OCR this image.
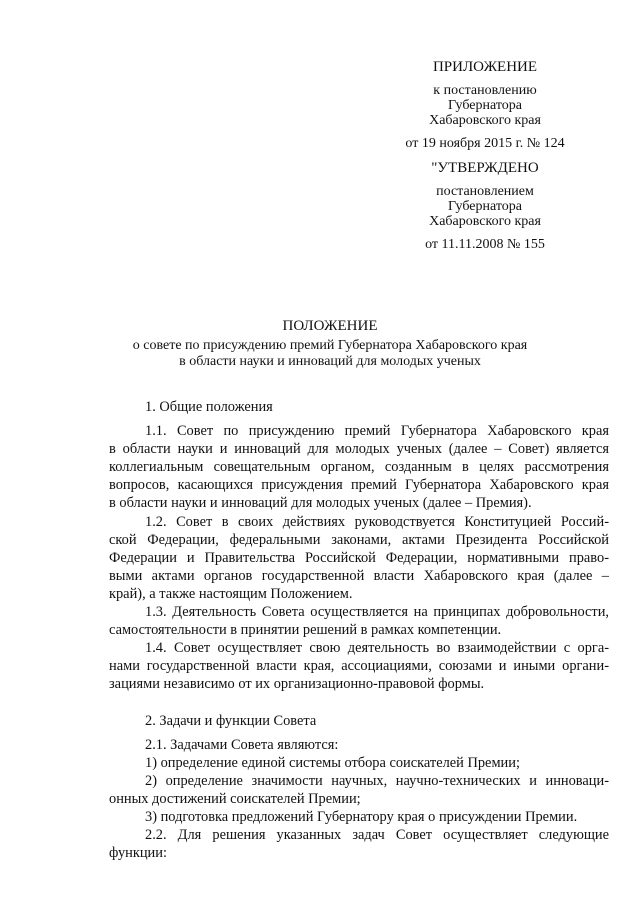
ПРИЛОЖЕНИЕ
к постановлению
Губернатора
Хабаровского края
от 19 ноября 2015 г. № 124
"УТВЕРЖДЕНО
постановлением
Губернатора
Хабаровского края
от 11.11.2008 № 155
ПОЛОЖЕНИЕ
о совете по присуждению премий Губернатора Хабаровского края
в области науки и инноваций для молодых ученых
1. Общие положения
1.1. Совет по присуждению премий Губернатора Хабаровского края
в области науки и инноваций для молодых ученых (далее – Совет) является
коллегиальным совещательным органом, созданным в целях рассмотрения
вопросов, касающихся присуждения премий Губернатора Хабаровского края
в области науки и инноваций для молодых ученых (далее – Премия).
1.2. Совет в своих действиях руководствуется Конституцией Россий-
ской Федерации, федеральными законами, актами Президента Российской
Федерации и Правительства Российской Федерации, нормативными право-
выми актами органов государственной власти Хабаровского края (далее –
край), а также настоящим Положением.
1.3. Деятельность Совета осуществляется на принципах добровольности,
самостоятельности в принятии решений в рамках компетенции.
1.4. Совет осуществляет свою деятельность во взаимодействии с орга-
нами государственной власти края, ассоциациями, союзами и иными органи-
зациями независимо от их организационно-правовой формы.
2. Задачи и функции Совета
2.1. Задачами Совета являются:
1) определение единой системы отбора соискателей Премии;
2) определение значимости научных, научно-технических и инноваци-
онных достижений соискателей Премии;
3) подготовка предложений Губернатору края о присуждении Премии.
2.2. Для решения указанных задач Совет осуществляет следующие
функции:
